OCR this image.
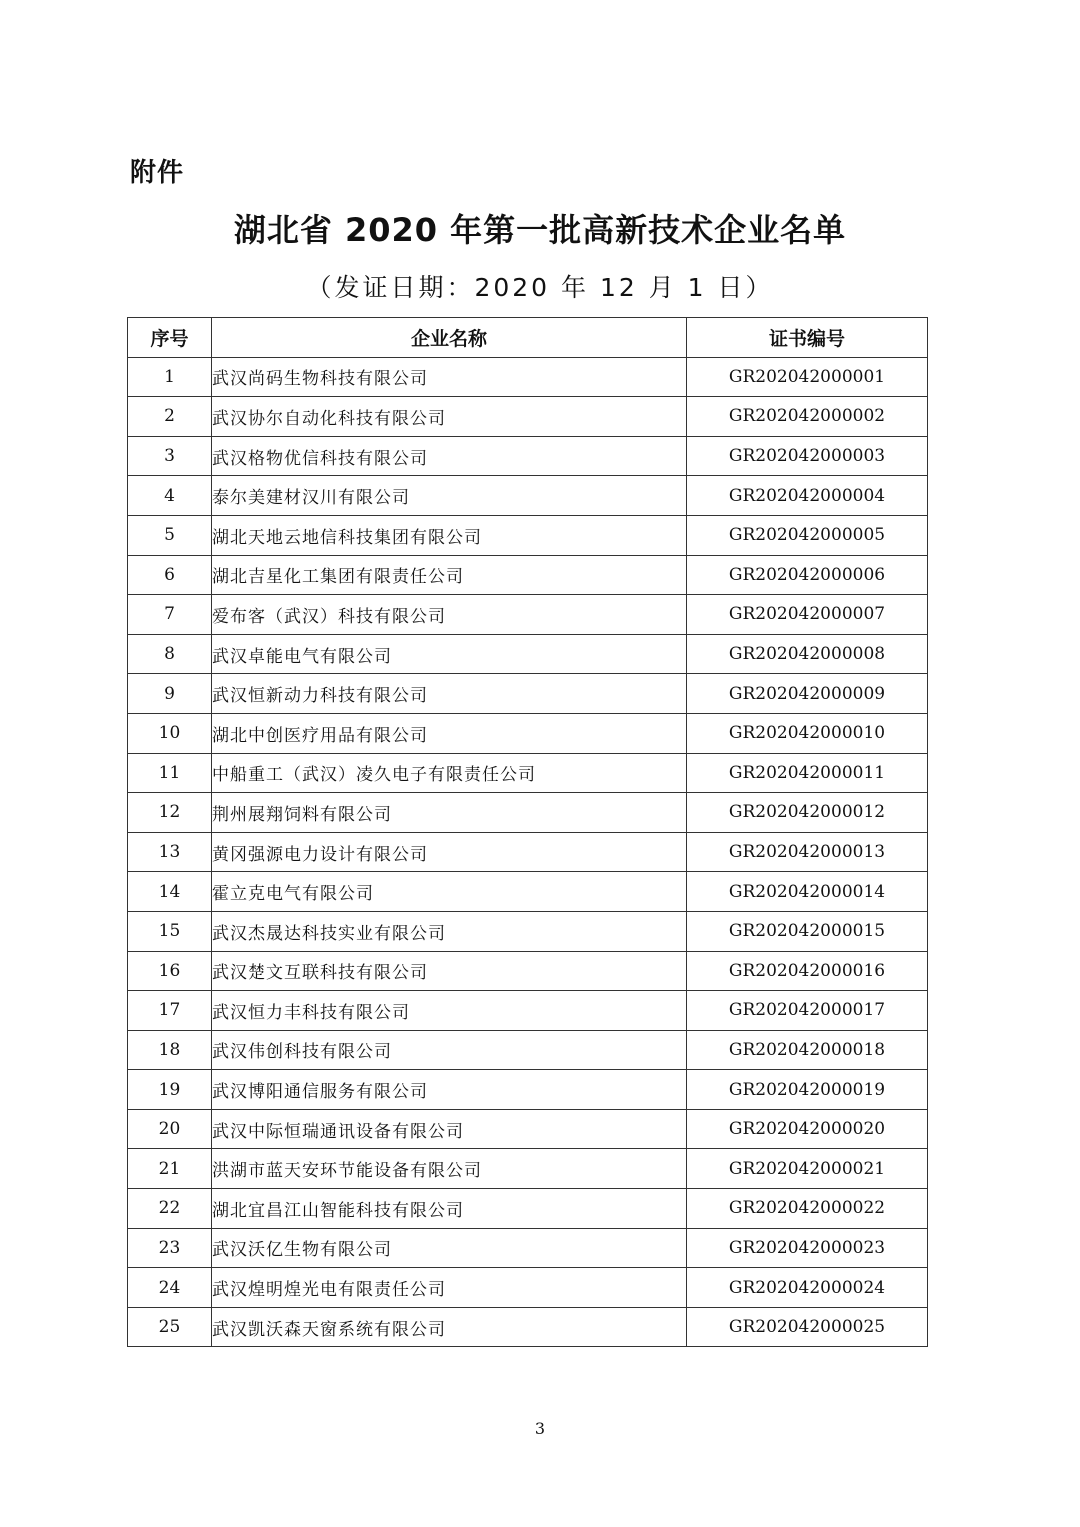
附件
湖北省 2020 年第一批高新技术企业名单
（发证日期：2020 年 12 月 1 日）
序号	企业名称	证书编号
1	武汉尚码生物科技有限公司	GR202042000001
2	武汉协尔自动化科技有限公司	GR202042000002
3	武汉格物优信科技有限公司	GR202042000003
4	泰尔美建材汉川有限公司	GR202042000004
5	湖北天地云地信科技集团有限公司	GR202042000005
6	湖北吉星化工集团有限责任公司	GR202042000006
7	爱布客（武汉）科技有限公司	GR202042000007
8	武汉卓能电气有限公司	GR202042000008
9	武汉恒新动力科技有限公司	GR202042000009
10	湖北中创医疗用品有限公司	GR202042000010
11	中船重工（武汉）凌久电子有限责任公司	GR202042000011
12	荆州展翔饲料有限公司	GR202042000012
13	黄冈强源电力设计有限公司	GR202042000013
14	霍立克电气有限公司	GR202042000014
15	武汉杰晟达科技实业有限公司	GR202042000015
16	武汉楚文互联科技有限公司	GR202042000016
17	武汉恒力丰科技有限公司	GR202042000017
18	武汉伟创科技有限公司	GR202042000018
19	武汉博阳通信服务有限公司	GR202042000019
20	武汉中际恒瑞通讯设备有限公司	GR202042000020
21	洪湖市蓝天安环节能设备有限公司	GR202042000021
22	湖北宜昌江山智能科技有限公司	GR202042000022
23	武汉沃亿生物有限公司	GR202042000023
24	武汉煌明煌光电有限责任公司	GR202042000024
25	武汉凯沃森天窗系统有限公司	GR202042000025
3
